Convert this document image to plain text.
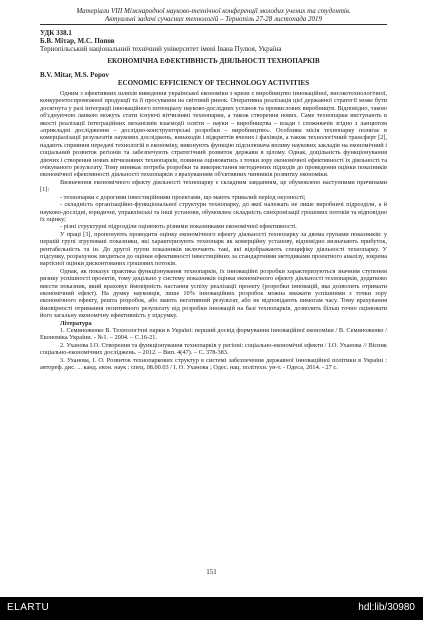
Матеріали VIII Міжнародної науково-технічної конференції молодих учених та студентів.
Актуальні задачі сучасних технологій – Тернопіль 27-28 листопада 2019
УДК 338.1
Б.В. Мітар, М.С. Попов
Тернопільський національний технічний університет імені Івана Пулюя, Україна
ЕКОНОМІЧНА ЕФЕКТИВНІСТЬ ДІЯЛЬНОСТІ ТЕХНОПАРКІВ
B.V. Mitar, M.S. Popov
ECONOMIC EFFICIENCY OF TECHNOLOGY ACTIVITIES

Одним з ефективних шляхів виведення української економіки з кризи є виробництво інноваційної, високотехнологічної, конкурентоспроможної продукції та її просування на світовий ринок. Оперативна реалізація цієї державної стратегії може бути досягнута у разі інтеграції інноваційного потенціалу науково-дослідних установ та промислових виробництв. Відповідно, такою об'єднуючою ланкою можуть стати існуючі вітчизняні технопарки, а також створення нових. Саме технопарки виступають в якості реалізації інтеграційних механізмів взаємодії освіти – науки – виробництва – влади і споживачів згідно з ланцюгом «прикладні дослідження – дослідно-конструкторські розробки – виробництво». Особлива місія технопарку полягає в комерціалізації результатів наукових досліджень, винаходів і відкриттів вчених і фахівців, а також технологічний трансферт [2], надають сприяння передачі технологій в економіку, виконують функцію підсилювача впливу наукових закладів на економічний і соціальний розвиток регіонів та забезпечують стратегічний розвиток держави в цілому. Однак, доцільність функціонування діючих і створення нових вітчизняних технопарків, повинна оцінюватись з точки зору економічної ефективності їх діяльності та очікуваного результату. Тому виникає потреба розробки та використання методичних підходів до проведення оцінки показників економічної ефективності діяльності технопарків з врахуванням об'єктивних чинників розвитку економіки.

Визначення економічного ефекту діяльності технопарку є складним завданням, це обумовлено наступними причинами [1]:

- технопарки є дорогими інвестиційними проектами, що мають тривалий період окупності;

- складність організаційно-функціональної структури технопарку, до якої належать не лише виробничі підрозділи, а й науково-дослідні, юридичні, управлінські та інші установи, обумовлює складність синхронізації грошових потоків та відповідно їх оцінку;

- різні структурні підрозділи оцінюють різними показниками економічної ефективності.

У праці [3], пропонують проводити оцінку економічного ефекту діяльності технопарку за двома групами показників: у першій групі згруповані показники, які характеризують технопарк як комерційну установу, відповідно визначають прибуток, рентабельність та ін. До другої групи показників включають такі, які відображають специфіку діяльності технопарку. У підсумку, розрахунок зводиться до оцінки ефективності інвестиційних за стандартними методиками проектного аналізу, зокрема вартісної оцінки дисконтованих грошових потоків.

Однак, як показує практика функціонування технопарків, їх інноваційні розробки характеризуються значним ступенем ризику успішності проектів, тому доцільно у систему показників оцінки економічного ефекту діяльності технопарків, додатково ввести показник, який враховує ймовірність настання успіху реалізації проекту (розробки інновацій, яка дозволить отримати економічний ефект). На думку науковців, лише 10% інноваційних розробок можна вважати успішними з точки зору економічного ефекту, решта розробок, або мають негативний результат, або не відповідають вимогам часу. Тому врахування ймовірності отримання позитивного результату від розробки інновацій на базі технопарків, дозволить більш точно оцінювати його загальну економічну ефективність у підсумку.

Література

1. Семиноженко В. Технологічні парки в Україні: перший досвід формування інноваційної економіки / В. Семиноженко / Економіка України. - №1. – 2004. – С.16-21.

2. Уханова І.О. Створення та функціонування технопарків у регіоні: соціально-економічні ефекти / І.О. Уханова // Вісник соціально-економічних досліджень. – 2012. – Вип. 4(47). – С. 378-383.

3. Уханова, І. О. Розвиток технопаркових структур в системі забезпечення державної інноваційної політики в Україні : автореф. дис. ... канд. екон. наук : спец. 08.00.03 / І. О. Уханова ; Одес. нац. політехн. ун-т. - Одеса, 2014. - 27 с.

151
ELARTU	hdl:lib/30980
